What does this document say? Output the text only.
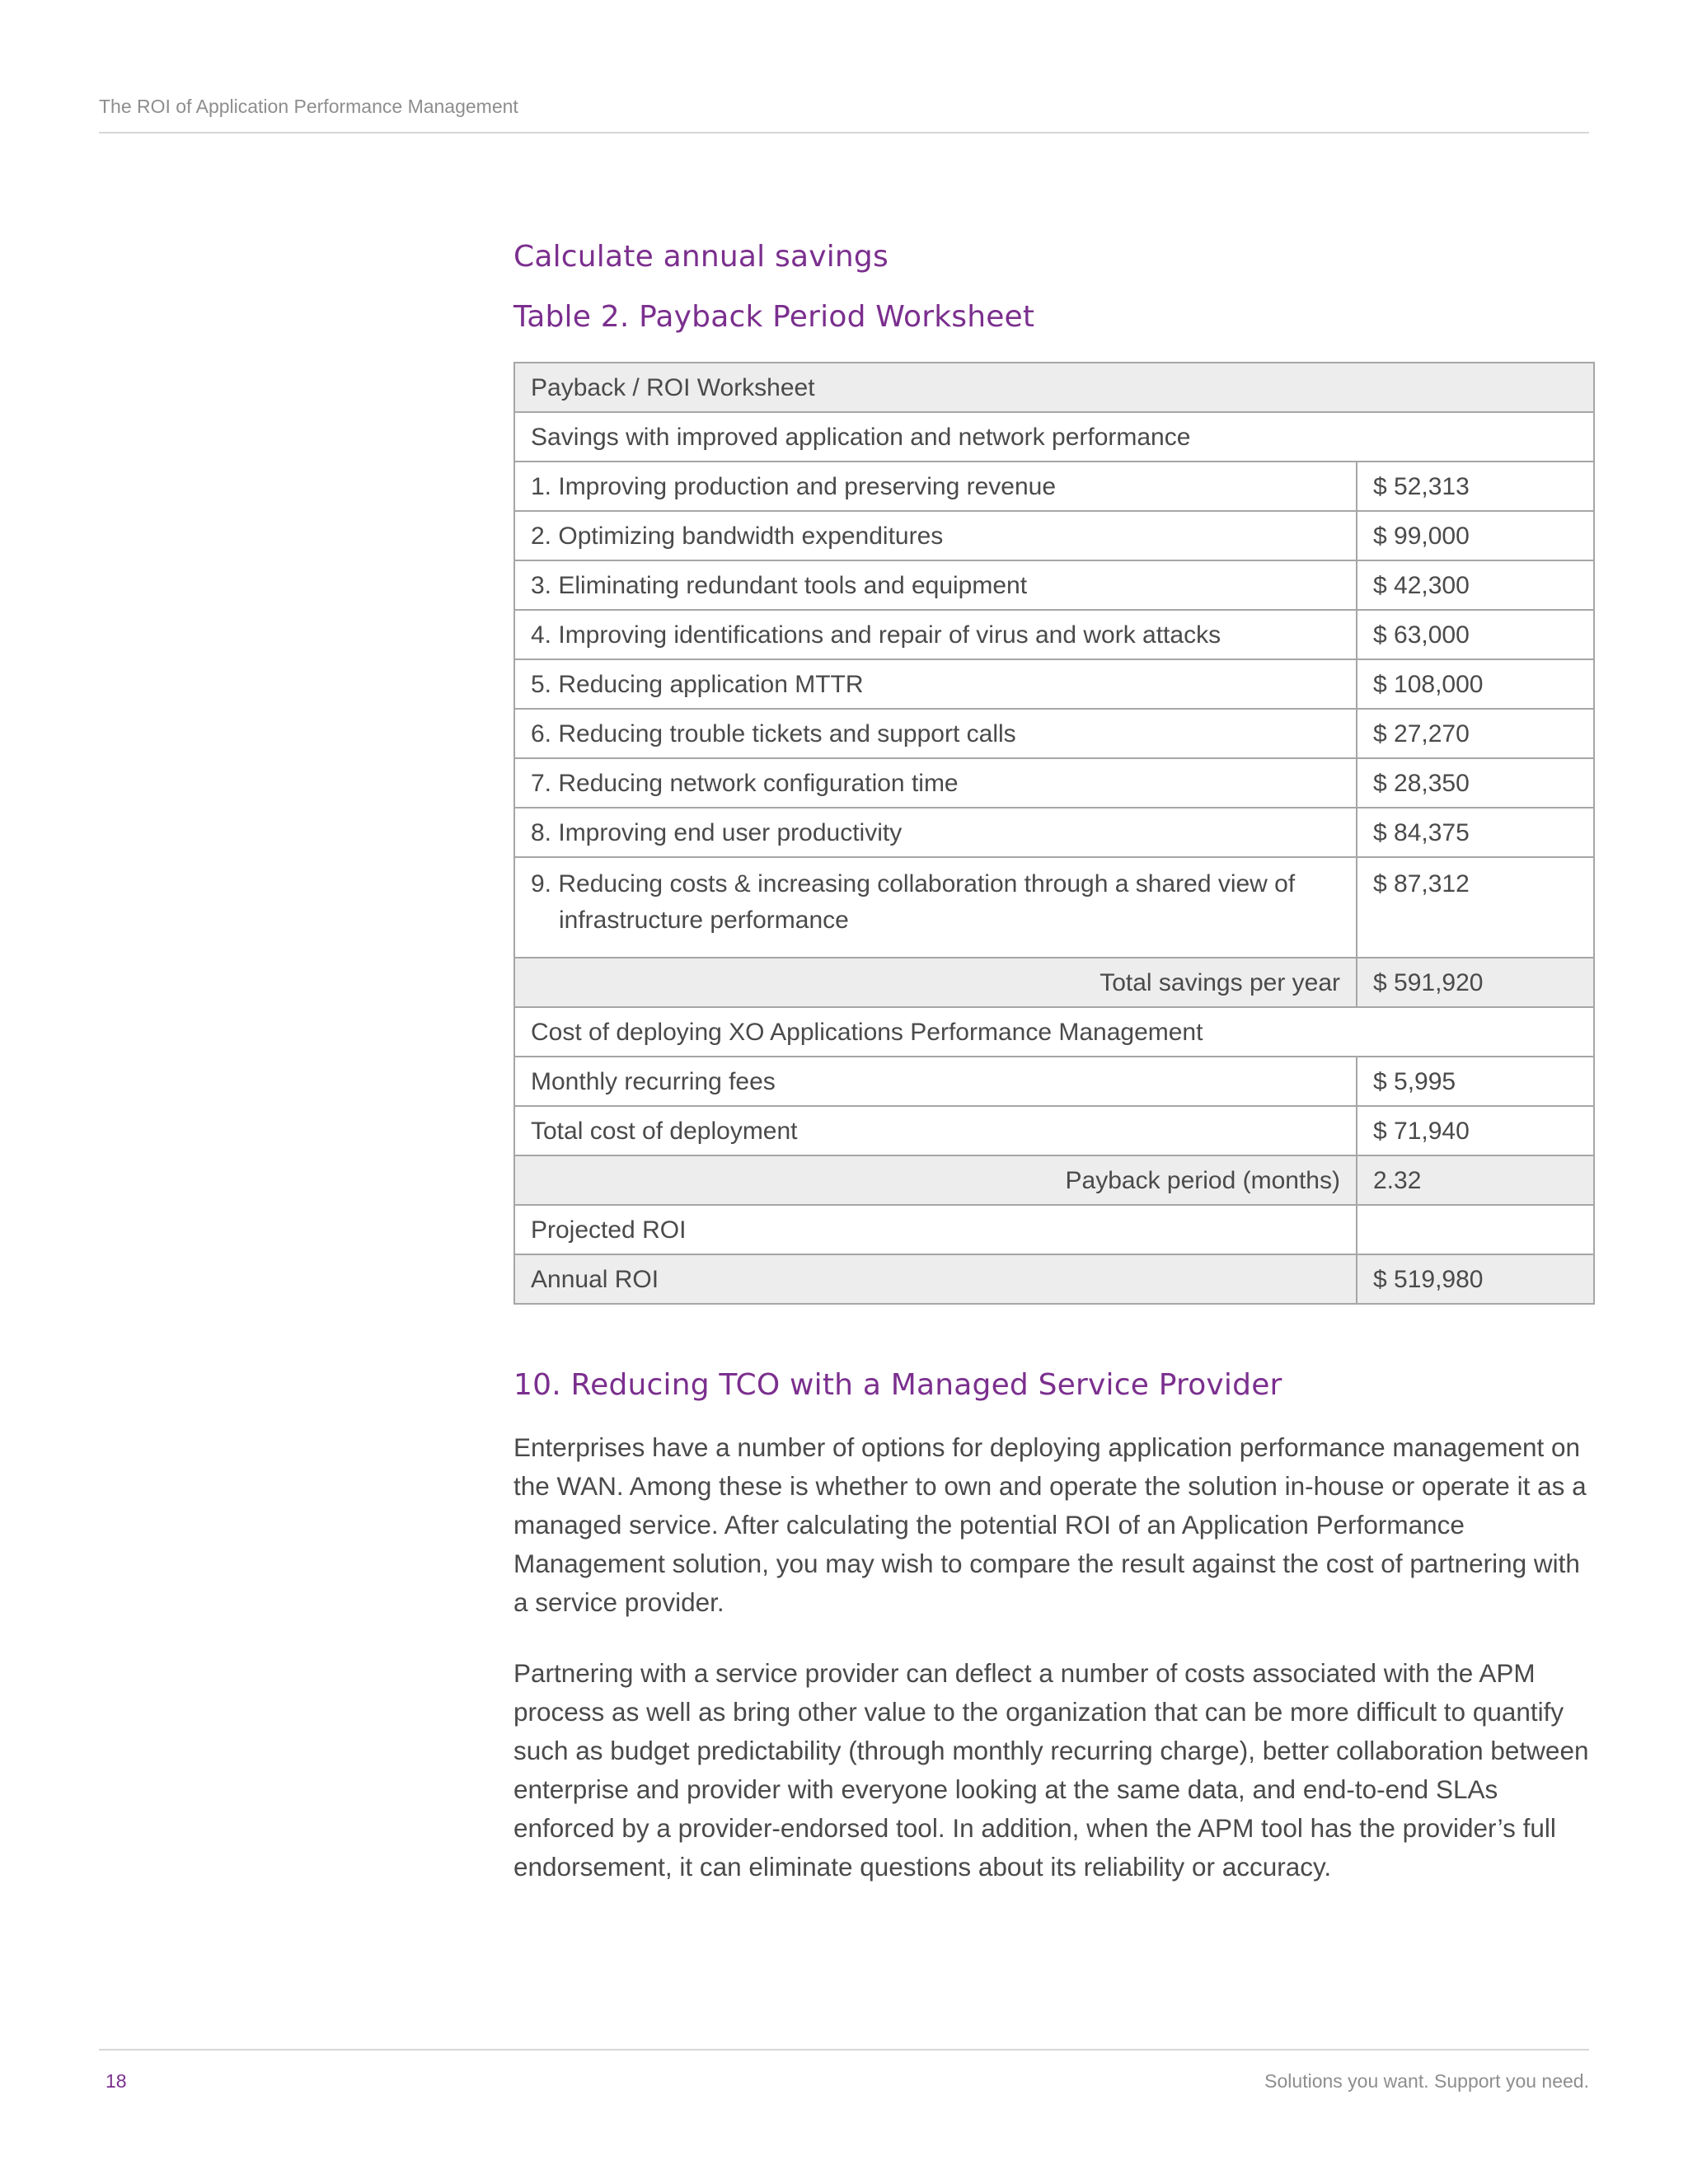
The ROI of Application Performance Management
Calculate annual savings
Table 2. Payback Period Worksheet
Payback / ROI Worksheet	
Savings with improved application and network performance	
1. Improving production and preserving revenue	$ 52,313
2. Optimizing bandwidth expenditures	$ 99,000
3. Eliminating redundant tools and equipment	$ 42,300
4. Improving identifications and repair of virus and work attacks	$ 63,000
5. Reducing application MTTR	$ 108,000
6. Reducing trouble tickets and support calls	$ 27,270
7. Reducing network configuration time	$ 28,350
8. Improving end user productivity	$ 84,375

9. Reducing costs & increasing collaboration through a shared view of infrastructure performance	$ 87,312
Total savings per year	$ 591,920
Cost of deploying XO Applications Performance Management	
Monthly recurring fees	$ 5,995
Total cost of deployment	$ 71,940
Payback period (months)	2.32
Projected ROI	
Annual ROI	$ 519,980
10. Reducing TCO with a Managed Service Provider

Enterprises have a number of options for deploying application performance management on the WAN. Among these is whether to own and operate the solution in-house or operate it as a managed service. After calculating the potential ROI of an Application Performance Management solution, you may wish to compare the result against the cost of partnering with a service provider.

Partnering with a service provider can deflect a number of costs associated with the APM process as well as bring other value to the organization that can be more difficult to quantify such as budget predictability (through monthly recurring charge), better collaboration between enterprise and provider with everyone looking at the same data, and end-to-end SLAs enforced by a provider-endorsed tool. In addition, when the APM tool has the provider’s full endorsement, it can eliminate questions about its reliability or accuracy.

18	Solutions you want. Support you need.
